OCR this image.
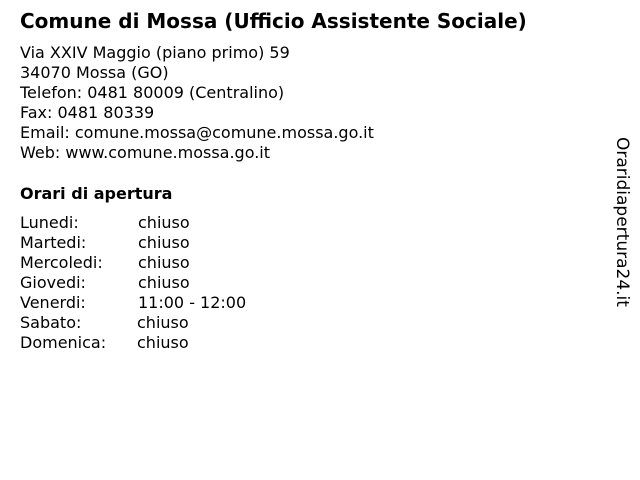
Comune di Mossa (Ufficio Assistente Sociale)
Via XXIV Maggio (piano primo) 59
34070 Mossa (GO)
Telefon: 0481 80009 (Centralino)
Fax: 0481 80339
Email: comune.mossa@comune.mossa.go.it
Web: www.comune.mossa.go.it
Orari di apertura
Lunedi:	chiuso
Martedi:	chiuso
Mercoledi: chiuso
Giovedi:	chiuso
Venerdi:	11:00 - 12:00
Sabato:	chiuso
Domenica: chiuso
Oraridiapertura24.it
